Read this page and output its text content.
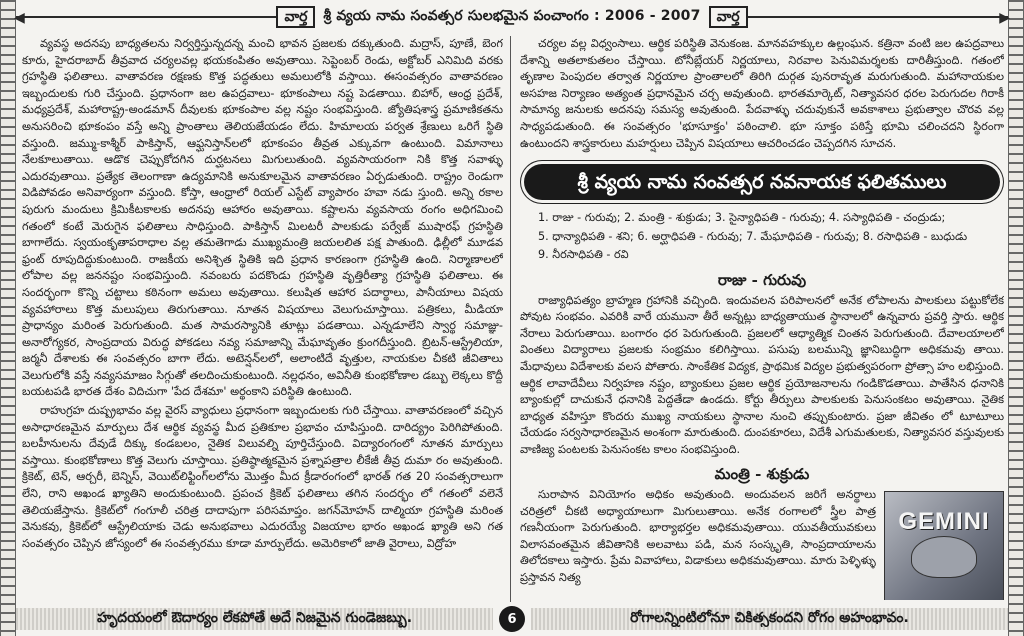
◀	▶
వార్త	శ్రీ వ్యయ నామ సంవత్సర సులభమైన పంచాంగం : 2006 - 2007	వార్త

వ్యవస్థ అదనపు బాధ్యతలను నిర్వర్తిస్తున్నదన్న మంచి భావన ప్రజలకు దక్కుతుంది. మద్రాస్, పూణే, బెంగ కూరు, హైదరాబాద్ తీవ్రవాద చర్యలవల్ల భయకంపితం అవుతాయి. సెప్టెంబర్ రెండు, అక్టోబర్ ఎనిమిది వరకు గ్రహస్థితి ఫలితాలు. వాతావరణ రక్షణకు కొత్త పద్ధతులు అమలులోకి వస్తాయి. ఈసంవత్సరం వాతావరణం ఇబ్బందులకు గురి చేస్తుంది. ప్రధానంగా జల ఉపద్రవాలు- భూకంపాలు నష్ట పెడతాయి. బిహార్, ఆంధ్ర ప్రదేశ్, మధ్యప్రదేశ్, మహారాష్ట్ర-అండమాన్ దీవులకు భూకంపాల వల్ల నష్టం సంభవిస్తుంది. జ్యోతిషశాస్త్ర ప్రమాణికతను అనుసరించి భూకంపం వస్తే అన్ని ప్రాంతాలు తెలియజేయడం లేదు. హిమాలయ పర్వత శ్రేణులు ఒరిగే స్థితి వస్తుంది. జమ్ము-కాశ్మీర్ పాకిస్తాన్, ఆఫ్ఘనిస్తాన్‌లలో భూకంపం తీవ్రత ఎక్కువగా ఉంటుంది. విమానాలు నేలకూలుతాయి. ఆడొక చెప్పుకోదగిన దుర్ఘటనలు మిగులుతుంది. వ్యవసాయరంగా నికి కొత్త సవాళ్ళు ఎదురవుతాయి. ప్రత్యేక తెలంగాణా ఉద్యమానికి అనుకూలమైన వాతావరణం ఏర్పడుతుంది. రాష్ట్రం రెండుగా విడిపోవడం అనివార్యంగా వస్తుంది. కోస్తా, ఆంధ్రాలో రియల్ ఎస్టేట్ వ్యాపారం హవా నడు స్తుంది. అన్ని రకాల పురుగు మందులు క్రిమికీటకాలకు అదనపు ఆహారం అవుతాయి. కష్టాలను వ్యవసాయ రంగం అధిగమించి గతంలో కంటే మెరుగైన ఫలితాలు సాధిస్తుంది. పాకిస్తాన్ మిలటరీ పాలకుడు పర్వేజ్ ముషారఫ్ గ్రహస్థితి బాగాలేదు. స్వయంకృతాపరాధాల వల్ల తమతెగాడు ముఖ్యమంత్రి జయలలిత పక్ష పాతుంది. ఢిల్లీలో మూడవ ఫ్రంట్ రూపుదిద్దుకుంటుంది. రాజకీయ అనిశ్చిత స్థితికి ఇది ప్రధాన కారణంగా గ్రహస్థితి ఉంది. నిర్మాణాలలో లోపాల వల్ల జననష్టం సంభవిస్తుంది. నవంబరు పదకొండు గ్రహస్థితి వృత్తిరీత్యా గ్రహస్థితి ఫలితాలు. ఈ సందర్భంగా కొన్ని చట్టాలు కఠినంగా అమలు అవుతాయి. కలుషిత ఆహార పదార్థాలు, పానీయాలు విషయ వ్యవహారాలు కొత్త మలుపులు తిరుగుతాయి. నూతన విషయాలు వెలుగుచూస్తాయి. పత్రికలు, మీడియా ప్రాధాన్యం మరింత పెరుగుతుంది. మత సామరస్యానికి తూట్లు పడతాయి. ఎన్నడూలేని స్వార్థ సమాజ్ఞు-అనారోగ్యకర, సాంప్రదాయ విరుద్ధ పోకడలు నవ్య సమాజాన్ని మేఘావృతం క్రుంగదీస్తుంది. బ్రిటన్-ఆస్ట్రేలియా, జర్మనీ దేశాలకు ఈ సంవత్సరం బాగా లేదు. అటెన్షన్‌లలో, అలాంటిదే వృత్తుల, నాయకుల చీకటి జీవితాలు వెలుగులోకి వస్తే నవ్యసమాజం సిగ్గుతో తలదించుకుంటుంది. నల్లధనం, అవినీతి కుంభకోణాల డబ్బు లెక్కలు కొద్దీ బయటపడి భారత దేశం విదిచుగా 'పేద దేశమా' అర్థంకాని పరిస్థితి ఉంటుంది.

రాహుగ్రహ దుష్ప్రభావం వల్ల వైరస్ వ్యాధులు ప్రధానంగా ఇబ్బందులకు గురి చేస్తాయి. వాతావరణంలో వచ్చిన అసాధారణమైన మార్పులు దేశ ఆర్థిక వ్యవస్థ మీద ప్రతికూల ప్రభావం చూపిస్తుంది. దారిద్య్రం పెరిగిపోతుంది. బలహీనులను దేవుడే దిక్కు కండబలం, నైతిక విలువల్ని పూర్తిచేస్తుంది. విద్యారంగంలో నూతన మార్పులు వస్తాయి. కుంభకోణాలు కొత్త వెలుగు చూస్తాయి. ప్రతిష్ఠాత్మకమైన ప్రశ్నాపత్రాల లీకేజీ తీవ్ర దుమా రం అవుతుంది. క్రికెట్, టెన్, ఆర్చరీ, బెన్నిస్, వెయిట్‌లిఫ్టింగ్‌లలోను మొత్తం మీద క్రీడారంగంలో భారత్ గత 20 సంవత్సరాలుగా లేని, రాని అఖండ ఖ్యాతిని అందుకుంటుంది. ప్రపంచ క్రికెట్ ఫలితాలు తగిన సందర్భం లో గతంలో వలెనే తెలియజేస్తాను. క్రికెట్‌లో గంగూలీ చరిత్ర దాదాపుగా పరిసమాప్తం. జగన్‌మోహన్ దాల్మియా గ్రహస్థితి మరింత వెనుకవు, క్రికెట్‌లో ఆస్ట్రేలియాకు చెడు అనుభవాలు ఎదురయ్యే విజయాల భారం అఖండ ఖ్యాతి అని గత సంవత్సరం చెప్పిన జోస్యంలో ఈ సంవత్సరము కూడా మార్పులేదు. అమెరికాలో జాతి వైరాలు, విద్రోహ

చర్యల వల్ల విధ్వంసాలు. ఆర్థిక పరిస్థితి వెనుకంజ. మానవహక్కుల ఉల్లంఘన. కత్రినా వంటి జల ఉపద్రవాలు దేశాన్ని అతలాకుతలం చేస్తాయి. టోనీబ్లేయర్ నిర్ణయాలు, నిరవాల పెనువిమర్శలకు దారితీస్తుంది. గతంలో తృణాల పెంపుదల తర్వాత నిర్ణయాల ప్రాంతాలలో తిరిగి దుర్గత పునరావృత మరుగుతుంది. మహానాయకుల అసహజ నిర్యాణం అత్యంత ప్రధానమైన చర్చ అవుతుంది. భారతమార్కెట్, నిత్యావసర ధరల పెరుగుదల గిరాకీ సామాన్య జనులకు అదనపు సమస్య అవుతుంది. పేదవాళ్ళు చదువుకునే అవకాశాలు ప్రభుత్వాల చొరవ వల్ల సాధ్యపడుతుంది. ఈ సంవత్సరం 'భూసూక్తం' పఠించాలి. భూ సూక్తం పఠిస్తే భూమి చలించదని స్థిరంగా ఉంటుందని శాస్త్రకారులు మహర్షులు చెప్పిన విషయాలు ఆచరించడం చెప్పదగిన సూచన.

శ్రీ వ్యయ నామ సంవత్సర నవనాయక ఫలితములు

1. రాజు - గురువు; 2. మంత్రి - శుక్రుడు; 3. సైన్యాధిపతి - గురువు; 4. సస్యాధిపతి - చంద్రుడు;

5. ధాన్యాధిపతి - శని; 6. అర్ఘాధిపతి - గురువు; 7. మేఘాధిపతి - గురువు; 8. రసాధిపతి - బుధుడు

9. నీరసాధిపతి - రవి

రాజు - గురువు

రాజ్యాధిపత్యం బ్రాహ్మణ గ్రహానికి వచ్చింది. ఇందువలన పరిపాలనలో అనేక లోపాలను పాలకులు పట్టుకోలేక పోవుట సంభవం. ఎవరికి వారే యమునా తీరే అన్నట్లు బాధ్యతాయుత స్థానాలలో ఉన్నవారు ప్రవర్తి స్తారు. ఆర్థిక నేరాలు పెరుగుతాయి. బంగారం ధర పెరుగుతుంది. ప్రజలలో ఆధ్యాత్మిక చింతన పెరుగుతుంది. దేవాలయాలలో వింతలు విద్యారాలు ప్రజలకు సంభ్రమం కలిగిస్తాయి. పసుపు బలమున్ని జ్ఞానిబుద్ధిగా అధికమవు తాయి. మేధావులు విదేశాలకు వలస పోతారు. సాంకేతిక విద్యక, ప్రాథమిక విద్యల ప్రభుత్వపరంగా ప్రోత్సా హం లభిస్తుంది. ఆర్థిక లావాదేవీలు నిర్వహణ నష్టం, బ్యాంకులు ప్రజల ఆర్థిక ప్రయోజనాలను గండికొడతాయి. పాతేసిన ధనానికి బ్యాంకుల్లో దాచుకునే ధనానికి పెద్దతేడా ఉండదు. కోర్టు తీర్పులు పాలకులకు పెనుసంకటం అవుతాయి. నైతిక బాధ్యత వహిస్తూ కొందరు ముఖ్య నాయకులు స్థానాల నుంచి తప్పుకుంటారు. ప్రజా జీవితం లో టూటూలు చేయడం సర్వసాధారణమైన అంశంగా మారుతుంది. దుంపకూరలు, విదేశీ ఎగుమతులకు, నిత్యావసర వస్తువులకు వాణిజ్య పంటలకు పెనుసంకట కాలం సంభవిస్తుంది.

మంత్రి - శుక్రుడు
GEMINI

సురాపాన వినియోగం అధికం అవుతుంది. అందువలన జరిగే అనర్థాలు చరిత్రలో చీకటి అధ్యాయాలుగా మిగులుతాయి. అనేక రంగాలలో స్త్రీల పాత్ర గణనీయంగా పెరుగుతుంది. భార్యాభర్తల అధికమవుతాయి. యువతీయువకులు విలాసవంతమైన జీవితానికి అలవాటు పడి, మన సంస్కృతి, సాంప్రదాయాలను తిలోదకాలు ఇస్తారు. ప్రేమ వివాహాలు, విడాకులు అధికమవుతాయి. మారు పెళ్ళిళ్ళు ప్రస్తావన నిత్య

హృదయంలో ఔదార్యం లేకపోతే అదే నిజమైన గుండెజబ్బు.	6	రోగాలన్నింటిలోనూ చికిత్సకందని రోగం అహంభావం.
